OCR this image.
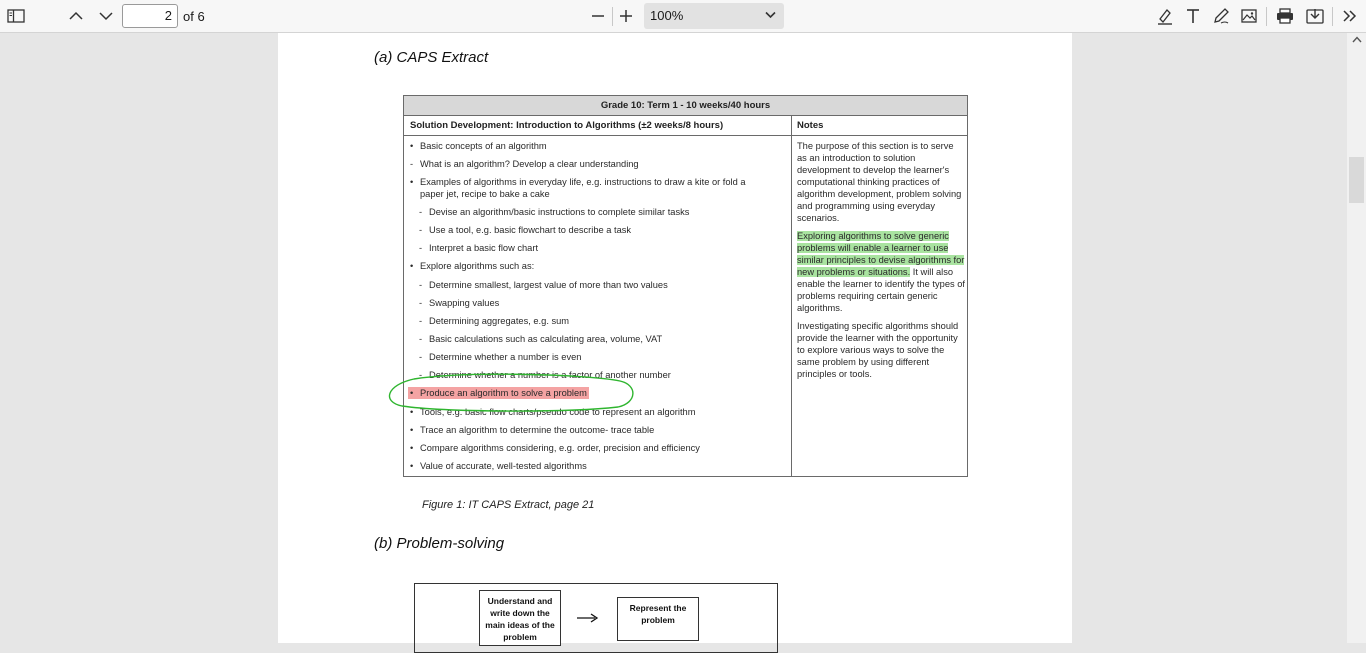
2 of 6	100%
(a) CAPS Extract
Grade 10: Term 1 - 10 weeks/40 hours
Solution Development: Introduction to Algorithms (±2 weeks/8 hours)	Notes
• Basic concepts of an algorithm
- What is an algorithm? Develop a clear understanding
• Examples of algorithms in everyday life, e.g. instructions to draw a kite or fold a
paper jet, recipe to bake a cake
- Devise an algorithm/basic instructions to complete similar tasks
- Use a tool, e.g. basic flowchart to describe a task
- Interpret a basic flow chart
• Explore algorithms such as:
- Determine smallest, largest value of more than two values
- Swapping values
- Determining aggregates, e.g. sum
- Basic calculations such as calculating area, volume, VAT
- Determine whether a number is even
- Determine whether a number is a factor of another number
• Produce an algorithm to solve a problem
• Tools, e.g. basic flow charts/pseudo code to represent an algorithm
• Trace an algorithm to determine the outcome- trace table
• Compare algorithms considering, e.g. order, precision and efficiency
• Value of accurate, well-tested algorithms

The purpose of this section is to serve as an introduction to solution development to develop the learner's computational thinking practices of algorithm development, problem solving and programming using everyday scenarios.

Exploring algorithms to solve generic problems will enable a learner to use similar principles to devise algorithms for new problems or situations. It will also enable the learner to identify the types of problems requiring certain generic algorithms.

Investigating specific algorithms should provide the learner with the opportunity to explore various ways to solve the same problem by using different principles or tools.

Figure 1: IT CAPS Extract, page 21
(b) Problem-solving
Understand and write down the main ideas of the problem
Represent the problem
